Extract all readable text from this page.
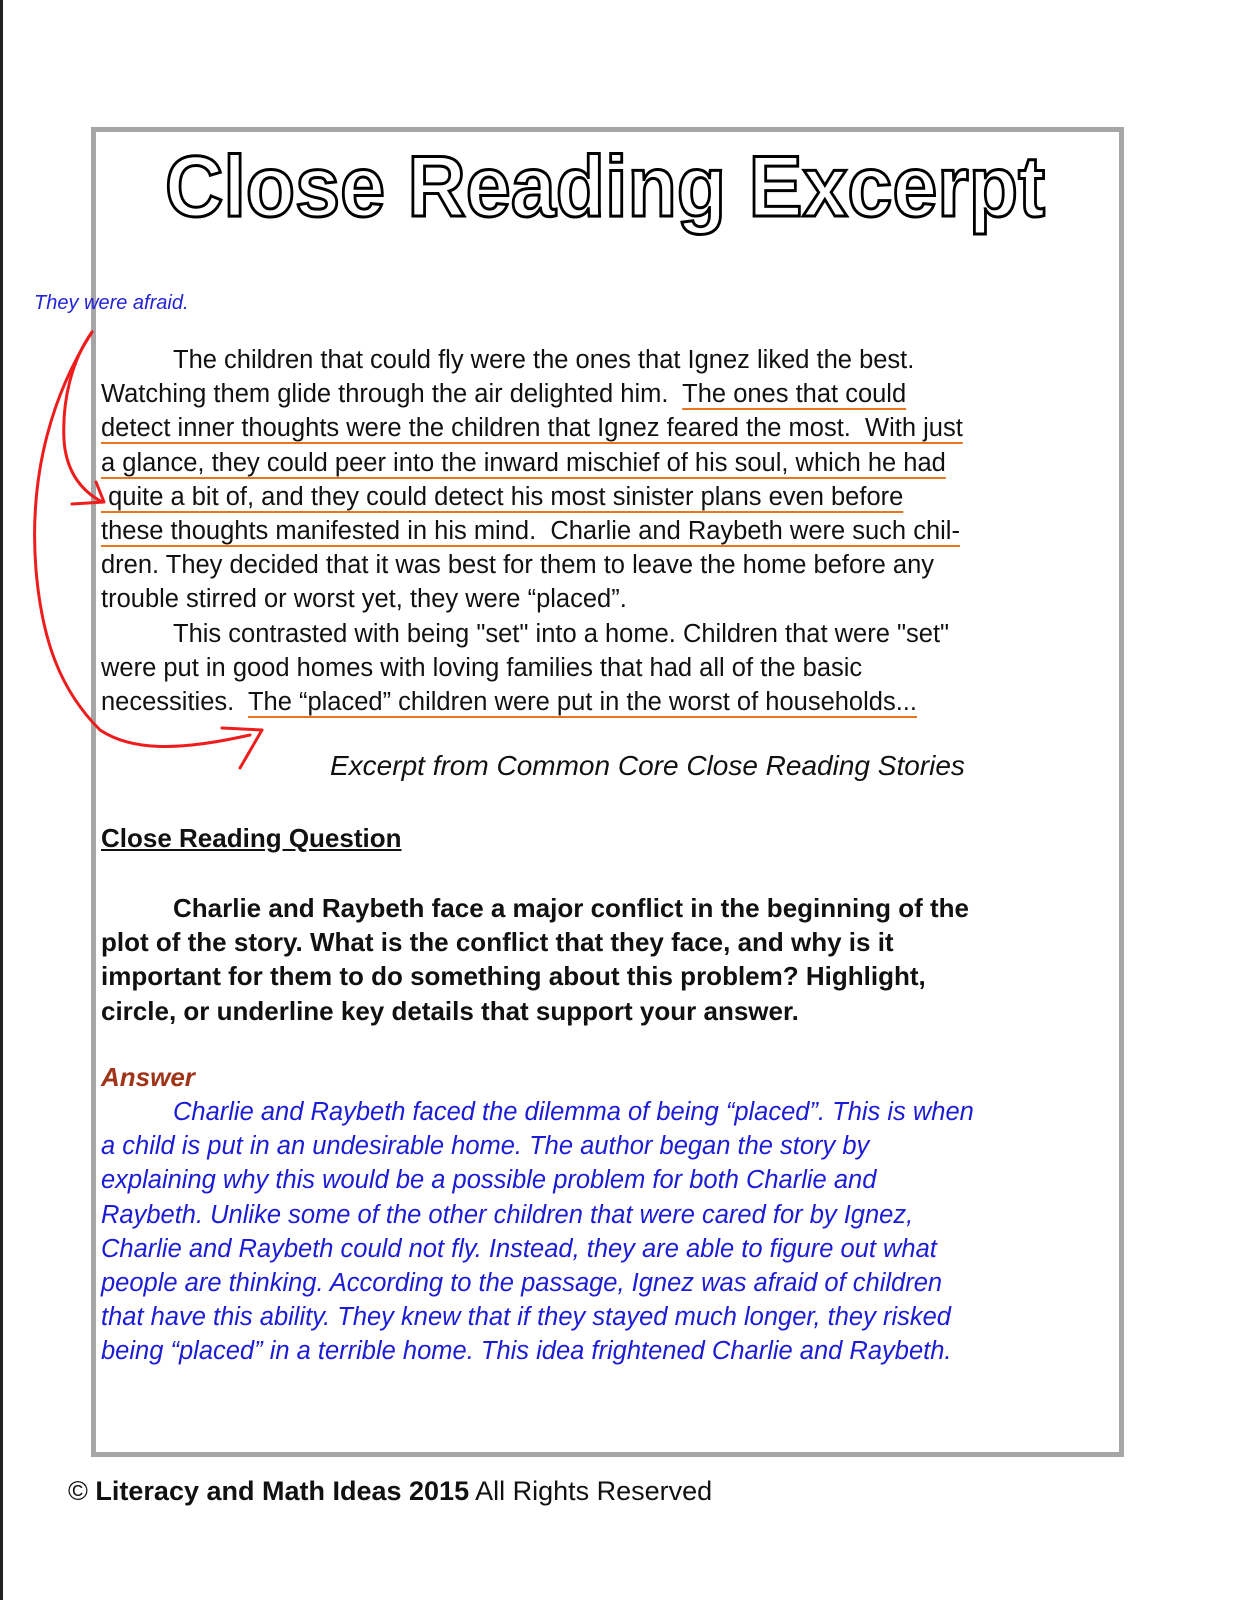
Close Reading Excerpt
They were afraid.
The children that could fly were the ones that Ignez liked the best.
Watching them glide through the air delighted him.  The ones that could
detect inner thoughts were the children that Ignez feared the most.  With just
a glance, they could peer into the inward mischief of his soul, which he had
quite a bit of, and they could detect his most sinister plans even before
these thoughts manifested in his mind.  Charlie and Raybeth were such chil-
dren. They decided that it was best for them to leave the home before any
trouble stirred or worst yet, they were “placed”.
This contrasted with being "set" into a home. Children that were "set"
were put in good homes with loving families that had all of the basic
necessities.  The “placed” children were put in the worst of households...
Excerpt from Common Core Close Reading Stories
Close Reading Question
Charlie and Raybeth face a major conflict in the beginning of the
plot of the story. What is the conflict that they face, and why is it
important for them to do something about this problem? Highlight,
circle, or underline key details that support your answer.
Answer
Charlie and Raybeth faced the dilemma of being “placed”. This is when
a child is put in an undesirable home. The author began the story by
explaining why this would be a possible problem for both Charlie and
Raybeth. Unlike some of the other children that were cared for by Ignez,
Charlie and Raybeth could not fly. Instead, they are able to figure out what
people are thinking. According to the passage, Ignez was afraid of children
that have this ability. They knew that if they stayed much longer, they risked
being “placed” in a terrible home. This idea frightened Charlie and Raybeth.
© Literacy and Math Ideas 2015 All Rights Reserved
